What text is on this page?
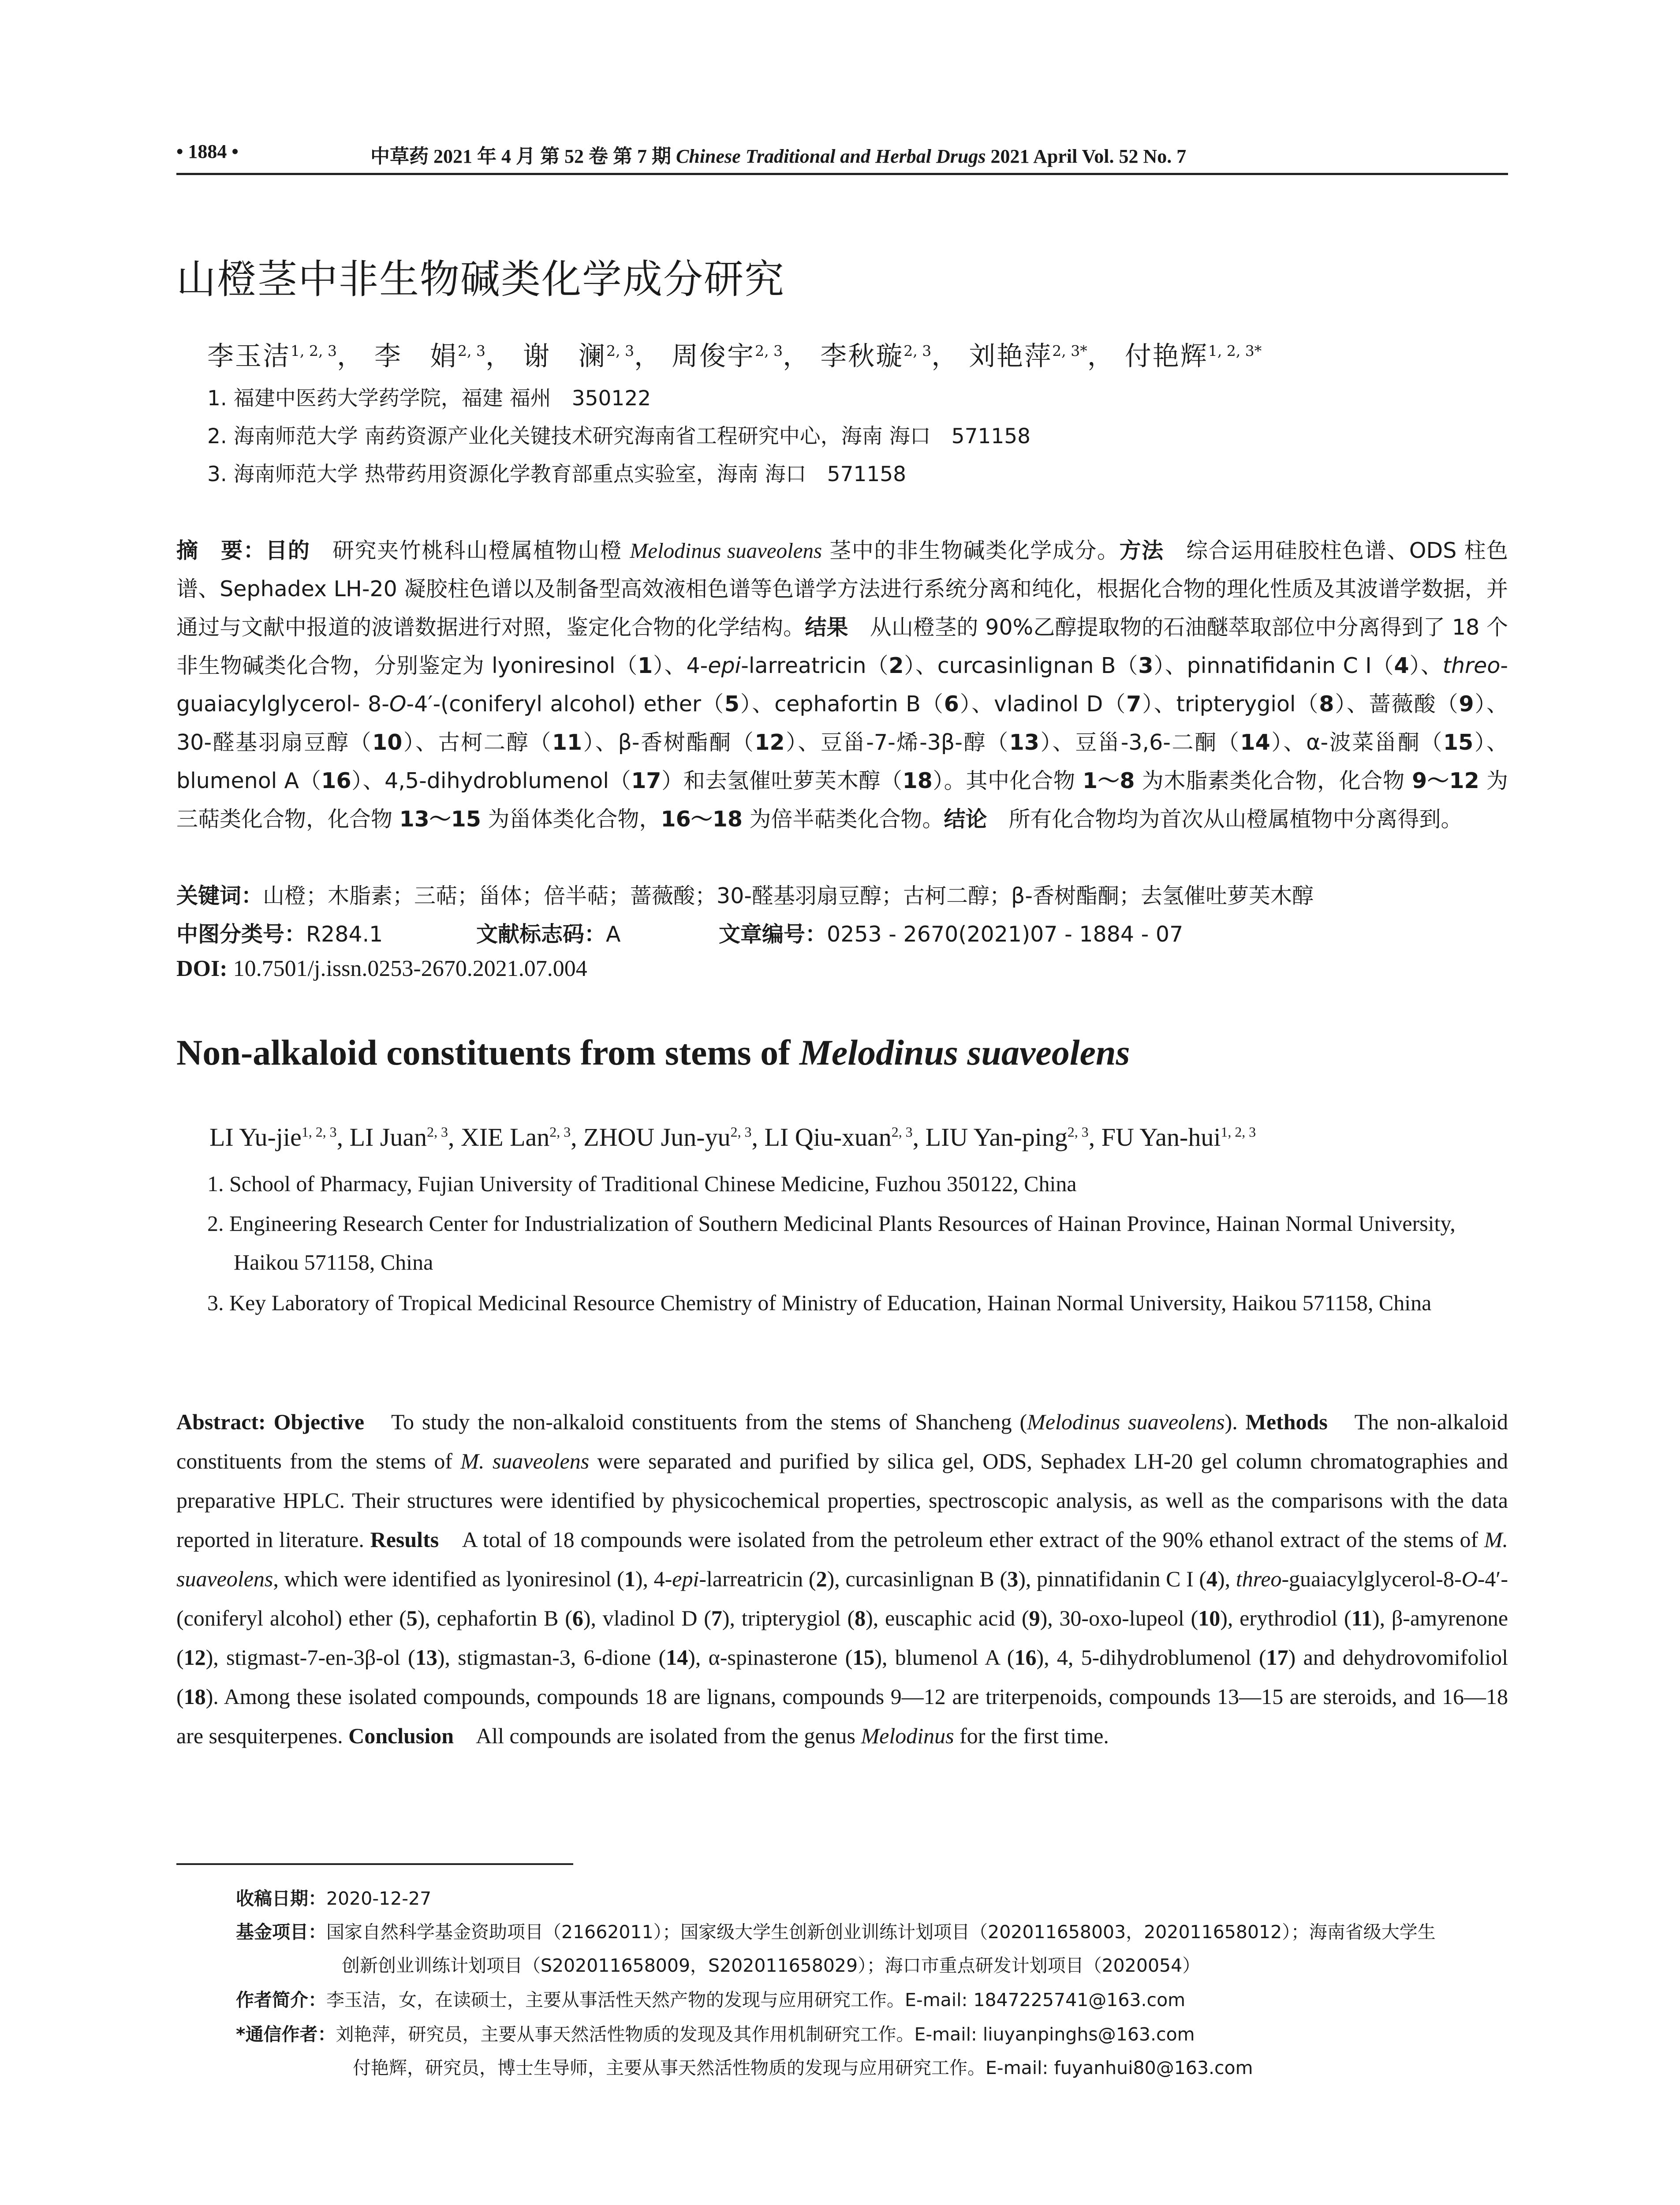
• 1884 •	中草药 2021 年 4 月 第 52 卷 第 7 期 Chinese Traditional and Herbal Drugs 2021 April Vol. 52 No. 7
山橙茎中非生物碱类化学成分研究
李玉洁$^{1, 2, 3}$， 李　娟$^{2, 3}$， 谢　澜$^{2, 3}$， 周俊宇$^{2, 3}$， 李秋璇$^{2, 3}$， 刘艳萍$^{2, 3*}$， 付艳辉$^{1, 2, 3*}$
1. 福建中医药大学药学院，福建 福州　350122
2. 海南师范大学 南药资源产业化关键技术研究海南省工程研究中心，海南 海口　571158
3. 海南师范大学 热带药用资源化学教育部重点实验室，海南 海口　571158
摘　要：目的　研究夹竹桃科山橙属植物山橙 Melodinus suaveolens 茎中的非生物碱类化学成分。方法　综合运用硅胶柱色谱、ODS 柱色谱、Sephadex LH-20 凝胶柱色谱以及制备型高效液相色谱等色谱学方法进行系统分离和纯化，根据化合物的理化性质及其波谱学数据，并通过与文献中报道的波谱数据进行对照，鉴定化合物的化学结构。结果　从山橙茎的 90%乙醇提取物的石油醚萃取部位中分离得到了 18 个非生物碱类化合物，分别鉴定为 lyoniresinol（1）、4-epi-larreatricin（2）、curcasinlignan B（3）、pinnatifidanin C I（4）、threo-guaiacylglycerol- 8-O-4′-(coniferyl alcohol) ether（5）、cephafortin B（6）、vladinol D（7）、tripterygiol（8）、蔷薇酸（9）、30-醛基羽扇豆醇（10）、古柯二醇（11）、β-香树酯酮（12）、豆甾-7-烯-3β-醇（13）、豆甾-3,6-二酮（14）、α-波菜甾酮（15）、blumenol A（16）、4,5-dihydroblumenol（17）和去氢催吐萝芙木醇（18）。其中化合物 1～8 为木脂素类化合物，化合物 9～12 为三萜类化合物，化合物 13～15 为甾体类化合物，16～18 为倍半萜类化合物。结论　所有化合物均为首次从山橙属植物中分离得到。
关键词：山橙；木脂素；三萜；甾体；倍半萜；蔷薇酸；30-醛基羽扇豆醇；古柯二醇；β-香树酯酮；去氢催吐萝芙木醇
中图分类号：R284.1	文献标志码：A	文章编号：0253 - 2670(2021)07 - 1884 - 07
DOI: 10.7501/j.issn.0253-2670.2021.07.004
Non-alkaloid constituents from stems of Melodinus suaveolens
LI Yu-jie$^{1, 2, 3}$, LI Juan$^{2, 3}$, XIE Lan$^{2, 3}$, ZHOU Jun-yu$^{2, 3}$, LI Qiu-xuan$^{2, 3}$, LIU Yan-ping$^{2, 3}$, FU Yan-hui$^{1, 2, 3}$
1. School of Pharmacy, Fujian University of Traditional Chinese Medicine, Fuzhou 350122, China
2. Engineering Research Center for Industrialization of Southern Medicinal Plants Resources of Hainan Province, Hainan Normal University, Haikou 571158, China
3. Key Laboratory of Tropical Medicinal Resource Chemistry of Ministry of Education, Hainan Normal University, Haikou 571158, China
Abstract: Objective　To study the non-alkaloid constituents from the stems of Shancheng (Melodinus suaveolens). Methods　The non-alkaloid constituents from the stems of M. suaveolens were separated and purified by silica gel, ODS, Sephadex LH-20 gel column chromatographies and preparative HPLC. Their structures were identified by physicochemical properties, spectroscopic analysis, as well as the comparisons with the data reported in literature. Results　A total of 18 compounds were isolated from the petroleum ether extract of the 90% ethanol extract of the stems of M. suaveolens, which were identified as lyoniresinol (1), 4-epi-larreatricin (2), curcasinlignan B (3), pinnatifidanin C I (4), threo-guaiacylglycerol-8-O-4′-(coniferyl alcohol) ether (5), cephafortin B (6), vladinol D (7), tripterygiol (8), euscaphic acid (9), 30-oxo-lupeol (10), erythrodiol (11), β-amyrenone (12), stigmast-7-en-3β-ol (13), stigmastan-3, 6-dione (14), α-spinasterone (15), blumenol A (16), 4, 5-dihydroblumenol (17) and dehydrovomifoliol (18). Among these isolated compounds, compounds 18 are lignans, compounds 9—12 are triterpenoids, compounds 13—15 are steroids, and 16—18 are sesquiterpenes. Conclusion　All compounds are isolated from the genus Melodinus for the first time.
收稿日期：2020-12-27
基金项目：国家自然科学基金资助项目（21662011）；国家级大学生创新创业训练计划项目（202011658003，202011658012）；海南省级大学生
创新创业训练计划项目（S202011658009，S202011658029）；海口市重点研发计划项目（2020054）
作者简介：李玉洁，女，在读硕士，主要从事活性天然产物的发现与应用研究工作。E-mail: 1847225741@163.com
*通信作者：刘艳萍，研究员，主要从事天然活性物质的发现及其作用机制研究工作。E-mail: liuyanpinghs@163.com
付艳辉，研究员，博士生导师，主要从事天然活性物质的发现与应用研究工作。E-mail: fuyanhui80@163.com
